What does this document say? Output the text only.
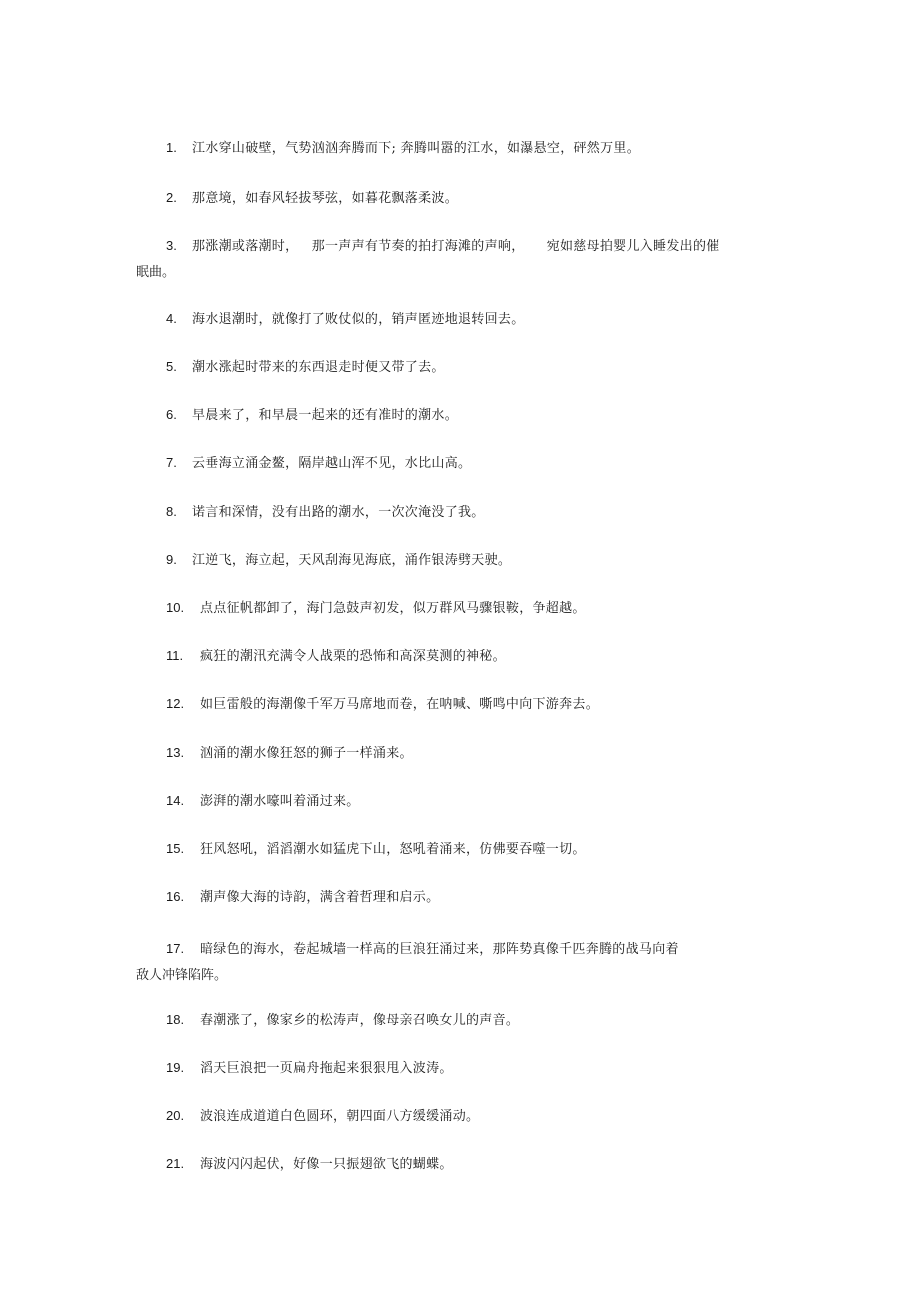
1. 江水穿山破壁，气势汹汹奔腾而下; 奔腾叫嚣的江水，如瀑悬空，砰然万里。
2. 那意境，如春风轻拔琴弦，如暮花飘落柔波。
3. 那涨潮或落潮时，   那一声声有节奏的拍打海滩的声响，     宛如慈母拍婴儿入睡发出的催
眠曲。
4. 海水退潮时，就像打了败仗似的，销声匿迹地退转回去。
5. 潮水涨起时带来的东西退走时便又带了去。
6. 早晨来了，和早晨一起来的还有准时的潮水。
7. 云垂海立涌金鳌，隔岸越山浑不见，水比山高。
8. 诺言和深情，没有出路的潮水，一次次淹没了我。
9. 江逆飞，海立起，天风刮海见海底，涌作银涛劈天驶。
10. 点点征帆都卸了，海门急鼓声初发，似万群风马骤银鞍，争超越。
11. 疯狂的潮汛充满令人战栗的恐怖和高深莫测的神秘。
12. 如巨雷般的海潮像千军万马席地而卷，在呐喊、嘶鸣中向下游奔去。
13. 汹涌的潮水像狂怒的狮子一样涌来。
14. 澎湃的潮水嚎叫着涌过来。
15. 狂风怒吼，滔滔潮水如猛虎下山，怒吼着涌来，仿佛要吞噬一切。
16. 潮声像大海的诗韵，满含着哲理和启示。
17. 暗绿色的海水，卷起城墙一样高的巨浪狂涌过来，那阵势真像千匹奔腾的战马向着
敌人冲锋陷阵。
18. 春潮涨了，像家乡的松涛声，像母亲召唤女儿的声音。
19. 滔天巨浪把一页扁舟拖起来狠狠甩入波涛。
20. 波浪连成道道白色圆环，朝四面八方缓缓涌动。
21. 海波闪闪起伏，好像一只振翅欲飞的蝴蝶。
